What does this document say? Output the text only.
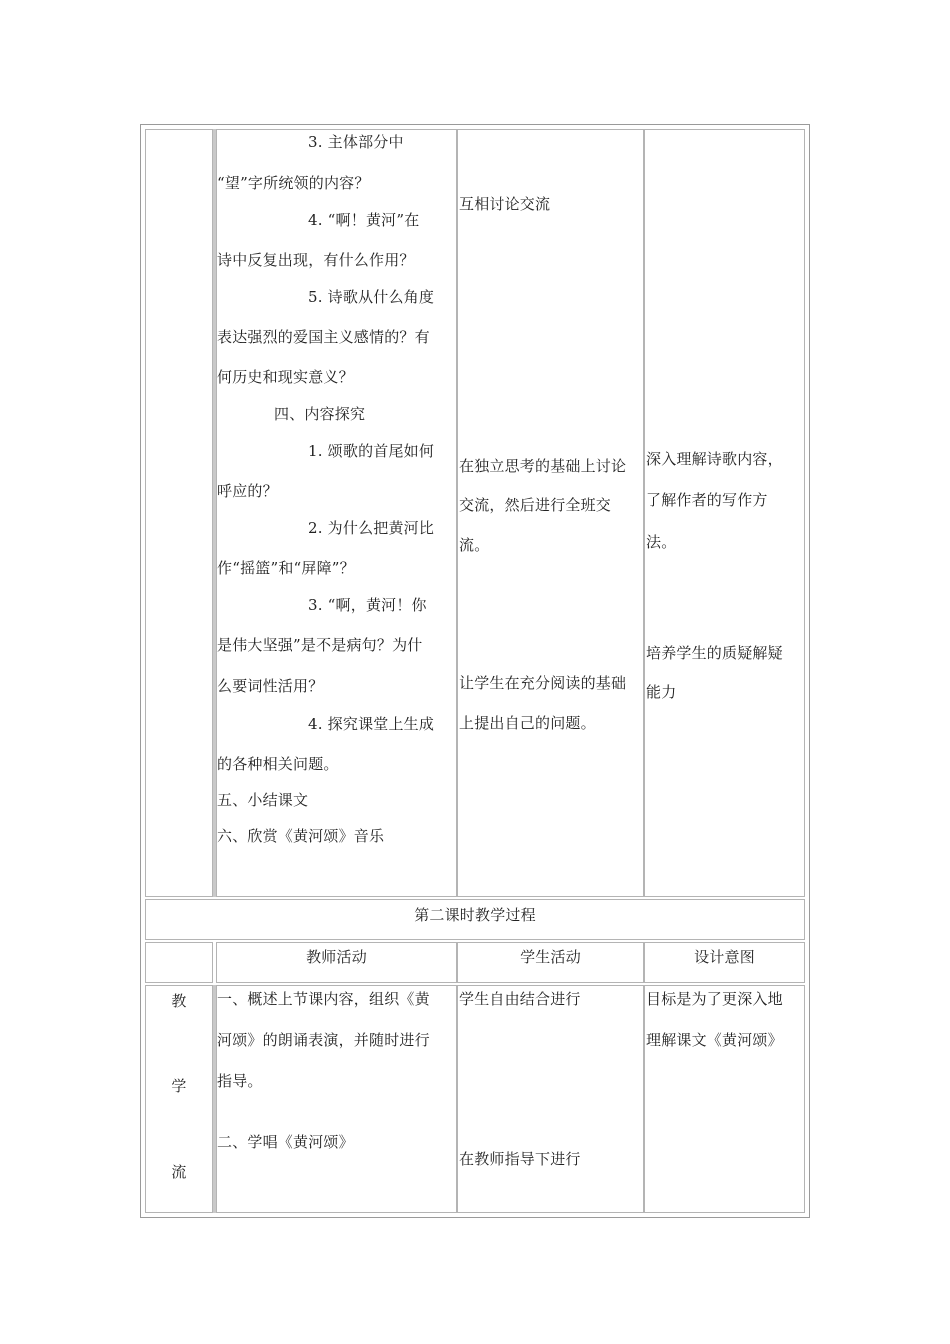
3. 主体部分中
“望”字所统领的内容？
4. “啊！黄河”在
诗中反复出现，有什么作用？
5. 诗歌从什么角度
表达强烈的爱国主义感情的？有
何历史和现实意义？
四、内容探究
1. 颂歌的首尾如何
呼应的？
2. 为什么把黄河比
作“摇篮”和“屏障”？
3. “啊，黄河！你
是伟大坚强”是不是病句？为什
么要词性活用？
4. 探究课堂上生成
的各种相关问题。
五、小结课文
六、欣赏《黄河颂》音乐
互相讨论交流
在独立思考的基础上讨论
交流，然后进行全班交
流。
让学生在充分阅读的基础
上提出自己的问题。
深入理解诗歌内容，
了解作者的写作方
法。
培养学生的质疑解疑
能力
第二课时教学过程
教师活动	学生活动	设计意图
教
学
流
一、概述上节课内容，组织《黄
河颂》的朗诵表演，并随时进行
指导。
二、学唱《黄河颂》
学生自由结合进行
在教师指导下进行
目标是为了更深入地
理解课文《黄河颂》
